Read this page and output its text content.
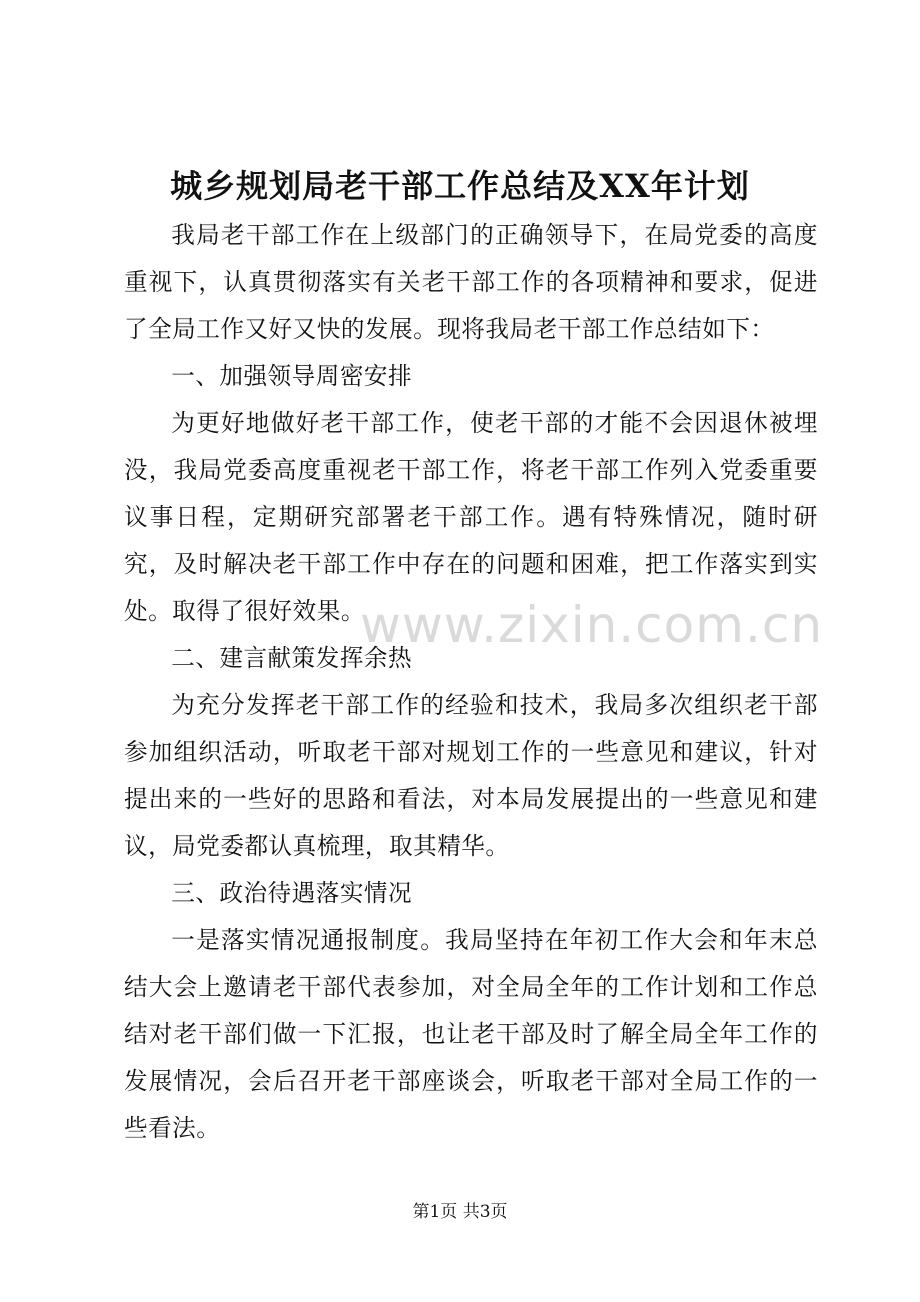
城乡规划局老干部工作总结及XX年计划

我局老干部工作在上级部门的正确领导下，在局党委的高度重视下，认真贯彻落实有关老干部工作的各项精神和要求，促进了全局工作又好又快的发展。现将我局老干部工作总结如下：

一、加强领导周密安排

为更好地做好老干部工作，使老干部的才能不会因退休被埋没，我局党委高度重视老干部工作，将老干部工作列入党委重要议事日程，定期研究部署老干部工作。遇有特殊情况，随时研究，及时解决老干部工作中存在的问题和困难，把工作落实到实处。取得了很好效果。

二、建言献策发挥余热

为充分发挥老干部工作的经验和技术，我局多次组织老干部参加组织活动，听取老干部对规划工作的一些意见和建议，针对提出来的一些好的思路和看法，对本局发展提出的一些意见和建议，局党委都认真梳理，取其精华。

三、政治待遇落实情况

一是落实情况通报制度。我局坚持在年初工作大会和年末总结大会上邀请老干部代表参加，对全局全年的工作计划和工作总结对老干部们做一下汇报，也让老干部及时了解全局全年工作的发展情况，会后召开老干部座谈会，听取老干部对全局工作的一些看法。

www.zixin.com.cn
第1页 共3页
